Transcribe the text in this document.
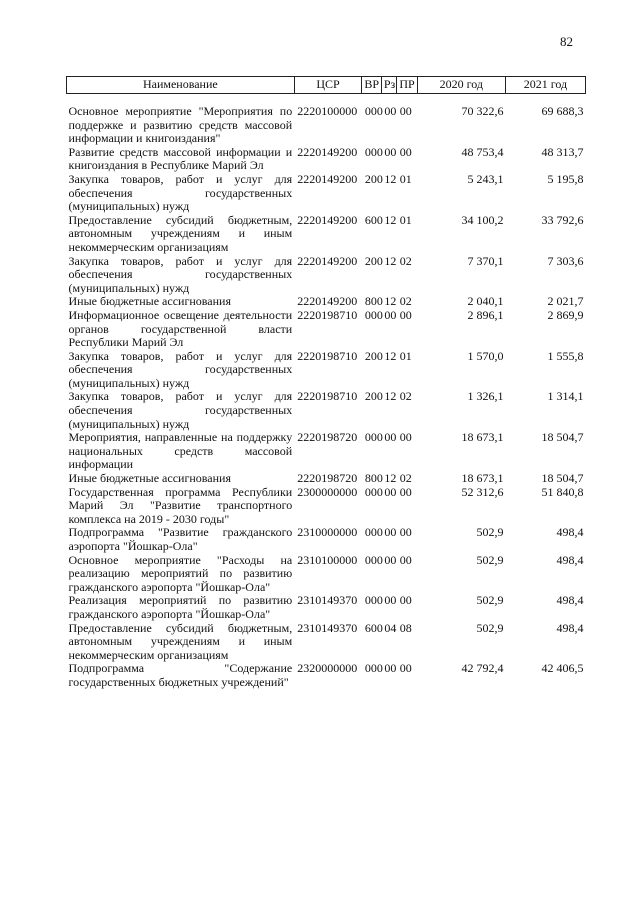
82
Наименование	ЦСР	ВР	Рз	ПР	2020 год	2021 год
Основное мероприятие "Мероприятия по поддержке и развитию средств массовой информации и книгоиздания"	2220100000	000	00	00	70 322,6	69 688,3
Развитие средств массовой информации и книгоиздания в Республике Марий Эл	2220149200	000	00	00	48 753,4	48 313,7
Закупка товаров, работ и услуг для обеспечения государственных (муниципальных) нужд	2220149200	200	12	01	5 243,1	5 195,8
Предоставление субсидий бюджетным, автономным учреждениям и иным некоммерческим организациям	2220149200	600	12	01	34 100,2	33 792,6
Закупка товаров, работ и услуг для обеспечения государственных (муниципальных) нужд	2220149200	200	12	02	7 370,1	7 303,6
Иные бюджетные ассигнования	2220149200	800	12	02	2 040,1	2 021,7
Информационное освещение деятельности органов государственной власти Республики Марий Эл	2220198710	000	00	00	2 896,1	2 869,9
Закупка товаров, работ и услуг для обеспечения государственных (муниципальных) нужд	2220198710	200	12	01	1 570,0	1 555,8
Закупка товаров, работ и услуг для обеспечения государственных (муниципальных) нужд	2220198710	200	12	02	1 326,1	1 314,1
Мероприятия, направленные на поддержку национальных средств массовой информации	2220198720	000	00	00	18 673,1	18 504,7
Иные бюджетные ассигнования	2220198720	800	12	02	18 673,1	18 504,7
Государственная программа Республики Марий Эл "Развитие транспортного комплекса на 2019 - 2030 годы"	2300000000	000	00	00	52 312,6	51 840,8
Подпрограмма "Развитие гражданского аэропорта "Йошкар-Ола"	2310000000	000	00	00	502,9	498,4
Основное мероприятие "Расходы на реализацию мероприятий по развитию гражданского аэропорта "Йошкар-Ола"	2310100000	000	00	00	502,9	498,4
Реализация мероприятий по развитию гражданского аэропорта "Йошкар-Ола"	2310149370	000	00	00	502,9	498,4
Предоставление субсидий бюджетным, автономным учреждениям и иным некоммерческим организациям	2310149370	600	04	08	502,9	498,4
Подпрограмма "Содержание государственных бюджетных учреждений"	2320000000	000	00	00	42 792,4	42 406,5
